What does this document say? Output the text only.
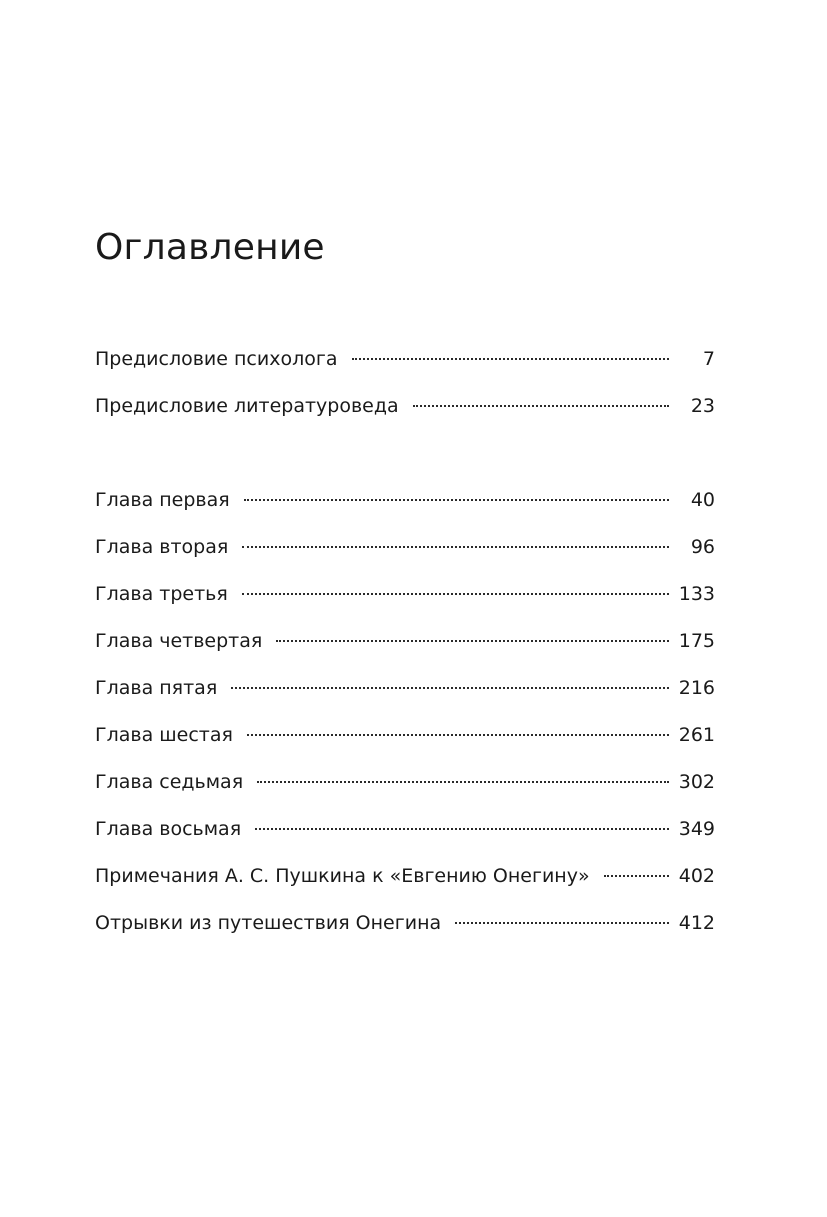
Оглавление
Предисловие психолога	7
Предисловие литературоведа	23
Глава первая	40
Глава вторая	96
Глава третья	133
Глава четвертая	175
Глава пятая	216
Глава шестая	261
Глава седьмая	302
Глава восьмая	349
Примечания А. С. Пушкина к «Евгению Онегину»	402
Отрывки из путешествия Онегина	412
